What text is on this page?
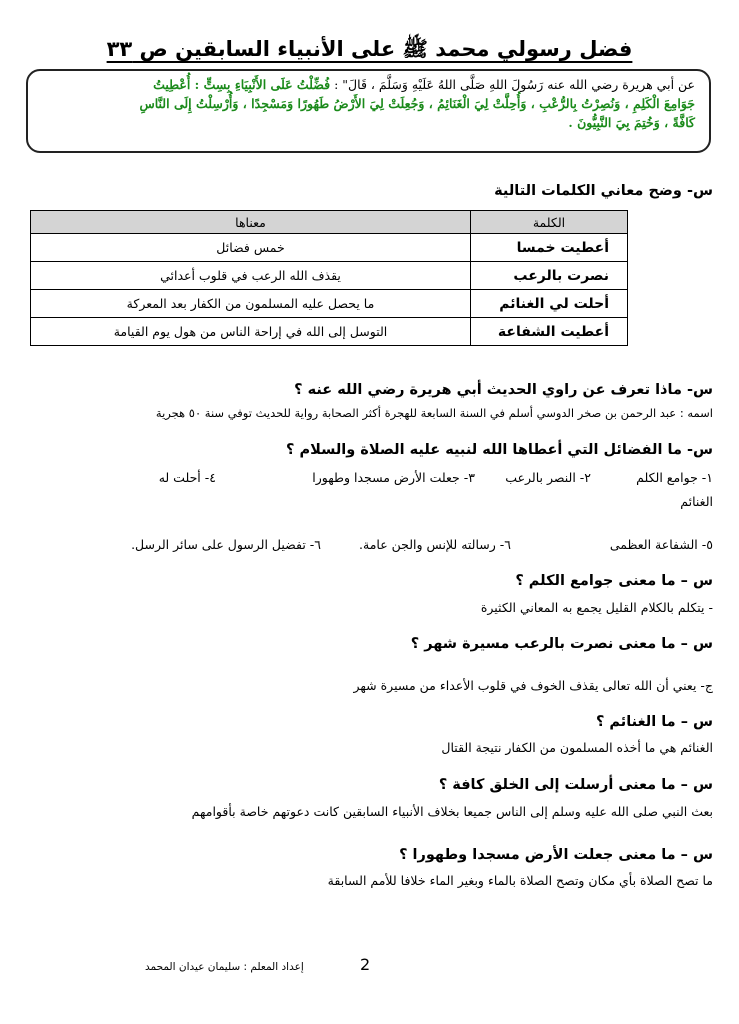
فضل رسولي محمد ﷺ على الأنبياء السابقين ص ٣٣
عن أبي هريرة رضي الله عنه رَسُولَ اللهِ صَلَّى اللهُ عَلَيْهِ وَسَلَّمَ ، قَالَ" : فُضِّلْتُ عَلَى الأَنْبِيَاءِ بِسِتٍّ : أُعْطِيتُ
جَوَامِعَ الْكَلِمِ ، وَنُصِرْتُ بِالرُّعْبِ ، وَأُحِلَّتْ لِيَ الْغَنَائِمُ ، وَجُعِلَتْ لِيَ الأَرْضُ طَهُورًا وَمَسْجِدًا ، وَأُرْسِلْتُ إِلَى النَّاسِ
كَافَّةً ، وَخُتِمَ بِيَ النَّبِيُّونَ .
س- وضح معاني الكلمات التالية
الكلمة	معناها
أعطيت خمسا	خمس فضائل
نصرت بالرعب	يقذف الله الرعب في قلوب أعدائي
أحلت لي الغنائم	ما يحصل عليه المسلمون من الكفار بعد المعركة
أعطيت الشفاعة	التوسل إلى الله في إراحة الناس من هول يوم القيامة
س- ماذا تعرف عن راوي الحديث أبي هريرة رضي الله عنه ؟
اسمه : عبد الرحمن بن صخر الدوسي أسلم في السنة السابعة للهجرة أكثر الصحابة رواية للحديث توفي سنة ٥٠ هجرية
س- ما الفضائل التي أعطاها الله لنبيه عليه الصلاة والسلام ؟
١- جوامع الكلم
٢- النصر بالرعب
٣- جعلت الأرض مسجدا وطهورا
٤- أحلت له
الغنائم
٥- الشفاعة العظمى
٦- رسالته للإنس والجن عامة.
٦- تفضيل الرسول على سائر الرسل.
س – ما معنى جوامع الكلم ؟
- يتكلم بالكلام القليل يجمع به المعاني الكثيرة
س – ما معنى نصرت بالرعب مسيرة شهر ؟
ج- يعني أن الله تعالى يقذف الخوف في قلوب الأعداء من مسيرة شهر
س – ما الغنائم ؟
الغنائم هي ما أخذه المسلمون من الكفار نتيجة القتال
س – ما معنى أرسلت إلى الخلق كافة ؟
بعث النبي صلى الله عليه وسلم إلى الناس جميعا بخلاف الأنبياء السابقين كانت دعوتهم خاصة بأقوامهم
س – ما معنى جعلت الأرض مسجدا وطهورا ؟
ما تصح الصلاة بأي مكان وتصح الصلاة بالماء وبغير الماء خلافا للأمم السابقة
2
إعداد المعلم : سليمان عيدان المحمد
